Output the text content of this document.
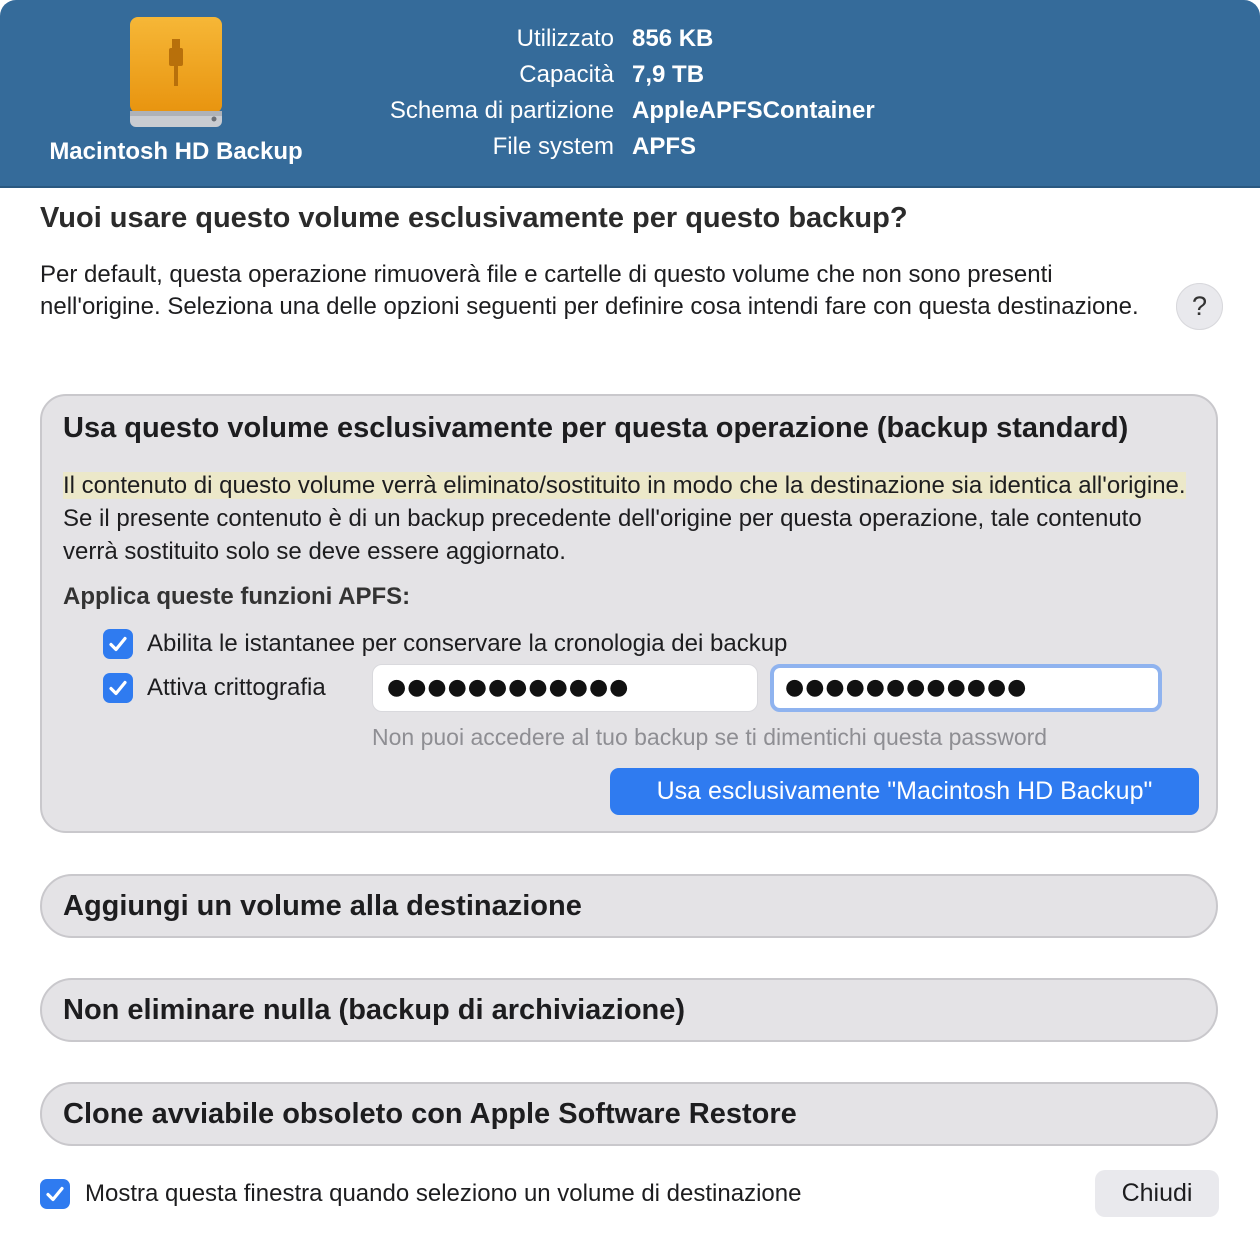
Macintosh HD Backup
Utilizzato 856 KB
Capacità 7,9 TB
Schema di partizione AppleAPFSContainer
File system APFS
Vuoi usare questo volume esclusivamente per questo backup?
Per default, questa operazione rimuoverà file e cartelle di questo volume che non sono presenti nell'origine. Seleziona una delle opzioni seguenti per definire cosa intendi fare con questa destinazione.	?
Usa questo volume esclusivamente per questa operazione (backup standard)
Il contenuto di questo volume verrà eliminato/sostituito in modo che la destinazione sia identica all'origine. Se il presente contenuto è di un backup precedente dell'origine per questa operazione, tale contenuto verrà sostituito solo se deve essere aggiornato.
Applica queste funzioni APFS:
Abilita le istantanee per conservare la cronologia dei backup
Attiva crittografia	●●●●●●●●●●●●	●●●●●●●●●●●●
Non puoi accedere al tuo backup se ti dimentichi questa password
Usa esclusivamente "Macintosh HD Backup"
Aggiungi un volume alla destinazione
Non eliminare nulla (backup di archiviazione)
Clone avviabile obsoleto con Apple Software Restore
Mostra questa finestra quando seleziono un volume di destinazione	Chiudi
